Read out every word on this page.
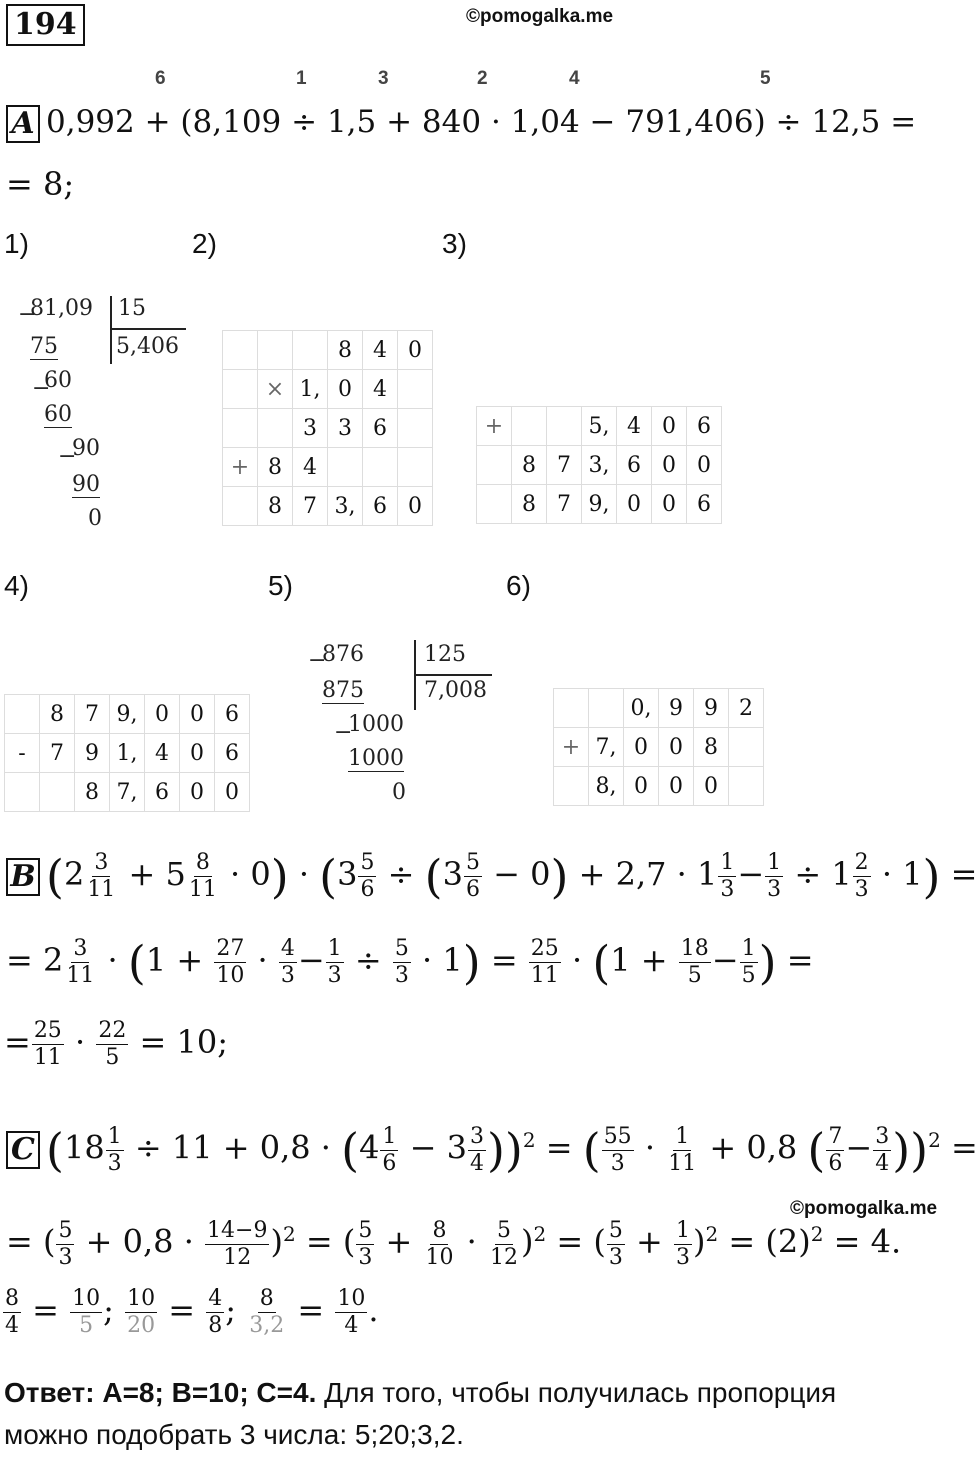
194	©pomogalka.me
6	1	3	2	4	5
A 0,992 + (8,109 ÷ 1,5 + 840 · 1,04 − 791,406) ÷ 12,5 =
= 8;
1)	2)	3)
4)	5)	6)
−
81,09 15
5,406
75
−
60
60
−
90
90
0
			8	4	0
	×	1,	0	4	
		3	3	6	
+	8	4			
	8	7	3,	6	0
+			5,	4	0	6
	8	7	3,	6	0	0
	8	7	9,	0	0	6
	8	7	9,	0	0	6
-	7	9	1,	4	0	6
		8	7,	6	0	0
−
876	125
7,008
875
−
1000
1000
0
		0,	9	9	2
+	7,	0	0	8	
	8,	0	0	0	
B $(2 \frac{3}{11} + 5 \frac{8}{11} \cdot 0) \cdot (3 \frac{5}{6} \div (3 \frac{5}{6} - 0) + 2,7 \cdot 1 \frac{1}{3} - \frac{1}{3} \div 1 \frac{2}{3} \cdot 1)$ =
= $2 \frac{3}{11} \cdot (1 + \frac{27}{10} \cdot \frac{4}{3} - \frac{1}{3} \div \frac{5}{3} \cdot 1) = \frac{25}{11} \cdot (1 + \frac{18}{5} - \frac{1}{5}$ ) =
= $\frac{25}{11} \cdot \frac{22}{5} = 10$;
C $(18 \frac{1}{3} \div 11 + 0,8 \cdot (4 \frac{1}{6} - 3 \frac{3}{4} ))^2$ = ( $\frac{55}{3} \cdot \frac{1}{11} + 0,8$ ( $\frac{7}{6} - \frac{3}{4} ))^2$ =
©pomogalka.me
= ( $\frac{5}{3} + 0,8 \cdot \frac{14-9}{12} )^2$ = ( $\frac{5}{3} + \frac{8}{10} \cdot \frac{5}{12} )^2$ = ( $\frac{5}{3} + \frac{1}{3} )^2 = (2)^2 = 4$.
$\frac{8}{4} = \frac{10}{5}$ ; $\frac{10}{20} = \frac{4}{8}$ ; $\frac{8}{3,2} = \frac{10}{4}$ .
Ответ: A=8; B=10; C=4. Для того, чтобы получилась пропорция
можно подобрать 3 числа: 5;20;3,2.
